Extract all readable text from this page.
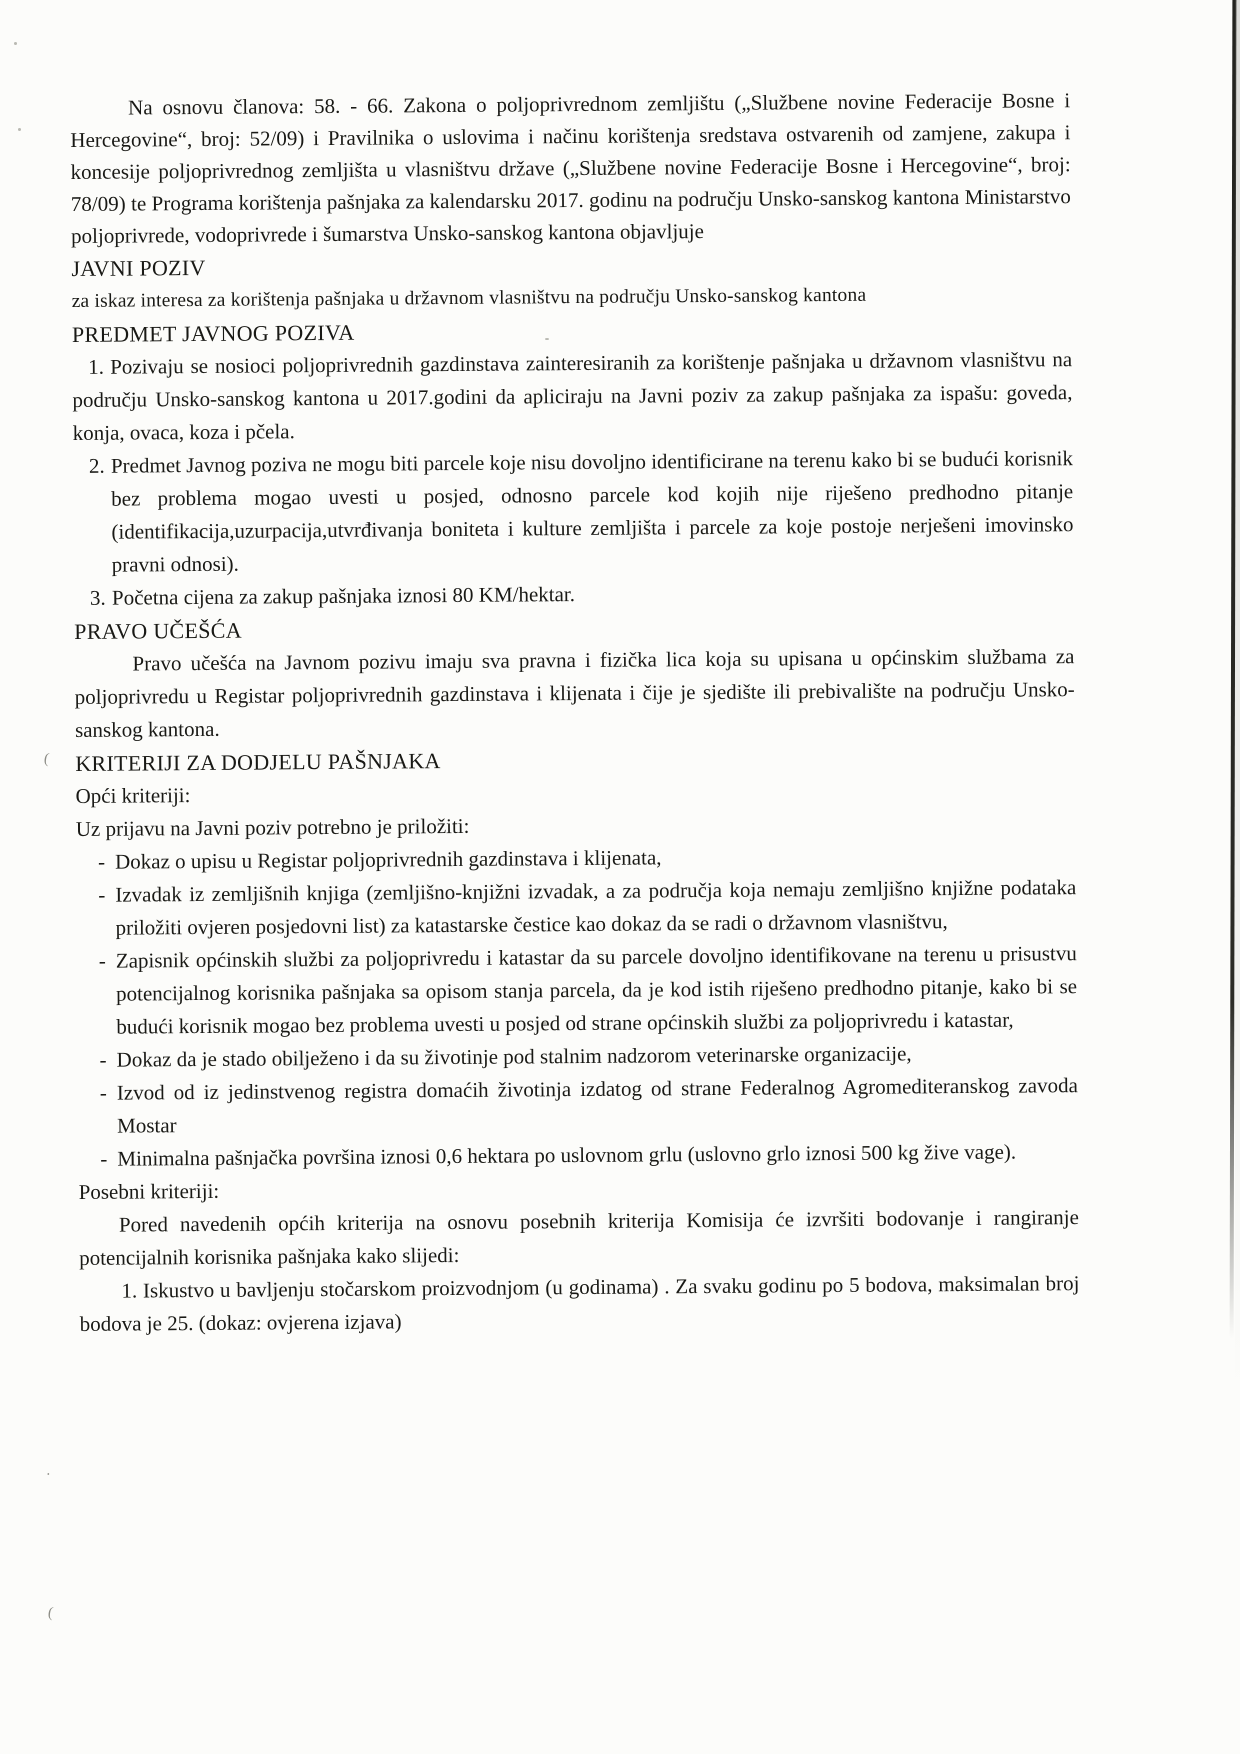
(
·
(

Na osnovu članova: 58. - 66. Zakona o poljoprivrednom zemljištu („Službene novine Federacije Bosne i Hercegovine“, broj: 52/09) i Pravilnika o uslovima i načinu korištenja sredstava ostvarenih od zamjene, zakupa i koncesije poljoprivrednog zemljišta u vlasništvu države („Službene novine Federacije Bosne i Hercegovine“, broj: 78/09) te Programa korištenja pašnjaka za kalendarsku 2017. godinu na području Unsko-sanskog kantona Ministarstvo poljoprivrede, vodoprivrede i šumarstva Unsko-sanskog kantona objavljuje

JAVNI POZIV
za iskaz interesa za korištenja pašnjaka u državnom vlasništvu na području Unsko-sanskog kantona

PREDMET JAVNOG POZIVA

1. Pozivaju se nosioci poljoprivrednih gazdinstava zainteresiranih za korištenje pašnjaka u državnom vlasništvu na području Unsko-sanskog kantona u 2017.godini da apliciraju na Javni poziv za zakup pašnjaka za ispašu: goveda, konja, ovaca, koza i pčela.

2. Predmet Javnog poziva ne mogu biti parcele koje nisu dovoljno identificirane na terenu kako bi se budući korisnik bez problema mogao uvesti u posjed, odnosno parcele kod kojih nije riješeno predhodno pitanje (identifikacija,uzurpacija,utvrđivanja boniteta i kulture zemljišta i parcele za koje postoje nerješeni imovinsko pravni odnosi).
3. Početna cijena za zakup pašnjaka iznosi 80 KM/hektar.

PRAVO UČEŠĆA

Pravo učešća na Javnom pozivu imaju sva pravna i fizička lica koja su upisana u općinskim službama za poljoprivredu u Registar poljoprivrednih gazdinstava i klijenata i čije je sjedište ili prebivalište na području Unsko-sanskog kantona.

KRITERIJI ZA DODJELU PAŠNJAKA

Opći kriteriji:

Uz prijavu na Javni poziv potrebno je priložiti:

- Dokaz o upisu u Registar poljoprivrednih gazdinstava i klijenata,
- Izvadak iz zemljišnih knjiga (zemljišno-knjižni izvadak, a za područja koja nemaju zemljišno knjižne podataka priložiti ovjeren posjedovni list) za katastarske čestice kao dokaz da se radi o državnom vlasništvu,
- Zapisnik općinskih službi za poljoprivredu i katastar da su parcele dovoljno identifikovane na terenu u prisustvu potencijalnog korisnika pašnjaka sa opisom stanja parcela, da je kod istih riješeno predhodno pitanje, kako bi se budući korisnik mogao bez problema uvesti u posjed od strane općinskih službi za poljoprivredu i katastar,
- Dokaz da je stado obilježeno i da su životinje pod stalnim nadzorom veterinarske organizacije,
- Izvod od iz jedinstvenog registra domaćih životinja izdatog od strane Federalnog Agromediteranskog zavoda Mostar
- Minimalna pašnjačka površina iznosi 0,6 hektara po uslovnom grlu (uslovno grlo iznosi 500 kg žive vage).

Posebni kriteriji:

Pored navedenih općih kriterija na osnovu posebnih kriterija Komisija će izvršiti bodovanje i rangiranje potencijalnih korisnika pašnjaka kako slijedi:

1. Iskustvo u bavljenju stočarskom proizvodnjom (u godinama) . Za svaku godinu po 5 bodova, maksimalan broj bodova je 25. (dokaz: ovjerena izjava)
